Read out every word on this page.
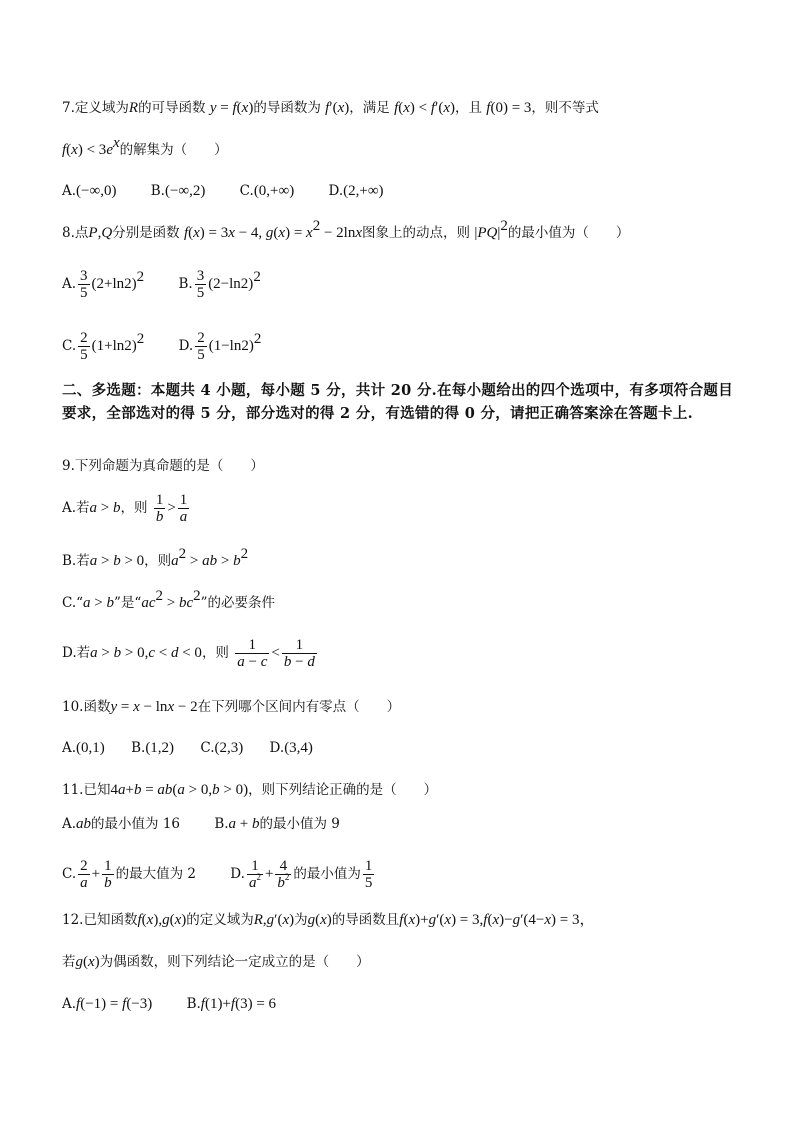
7.定义域为R的可导函数 y = f(x)的导函数为 f′(x)，满足 f(x) < f′(x)，且 f(0) = 3，则不等式
$f(x) < 3e^x$的解集为（　　）
A.(−∞,0)	B.(−∞,2)	C.(0,+∞)	D.(2,+∞)
8.点P,Q分别是函数 f(x) = 3x − 4, $g(x) = x^2 - 2\ln x$图象上的动点，则 $|PQ|^2$的最小值为（　　）
A. $\frac{3}{5} (2+\ln 2)^2$	B. $\frac{3}{5} (2-\ln 2)^2$
C. $\frac{2}{5} (1+\ln 2)^2$	D. $\frac{2}{5} (1-\ln 2)^2$
二、多选题：本题共 4 小题，每小题 5 分，共计 20 分.在每小题给出的四个选项中，有多项符合题目要求，全部选对的得 5 分，部分选对的得 2 分，有选错的得 0 分，请把正确答案涂在答题卡上.
9.下列命题为真命题的是（　　）
A.若a > b，则 $\frac{1}{b} > \frac{1}{a}$
B.若a > b > 0，则$a^2$ > ab > $b^2$
C.“a > b”是“$ac^2 > bc^2$”的必要条件
D.若a > b > 0,c < d < 0，则 $\frac{1}{a - c} < \frac{1}{b - d}$
10.函数y = x − lnx − 2在下列哪个区间内有零点（　　）
A.(0,1) B.(1,2) C.(2,3) D.(3,4)
11.已知4a+b = ab(a > 0,b > 0)，则下列结论正确的是（　　）
A.ab的最小值为 16	B.a + b的最小值为 9
C. $\frac{2}{a} + \frac{1}{b}$ 的最大值为 2	D. $\frac{1}{a^2} + \frac{4}{b^2}$ 的最小值为 $\frac{1}{5}$
12.已知函数f(x),g(x)的定义域为R,g′(x)为g(x)的导函数且f(x)+g′(x) = 3,f(x)−g′(4−x) = 3，
若g(x)为偶函数，则下列结论一定成立的是（　　）
A.f(−1) = f(−3)	B.f(1)+f(3) = 6
